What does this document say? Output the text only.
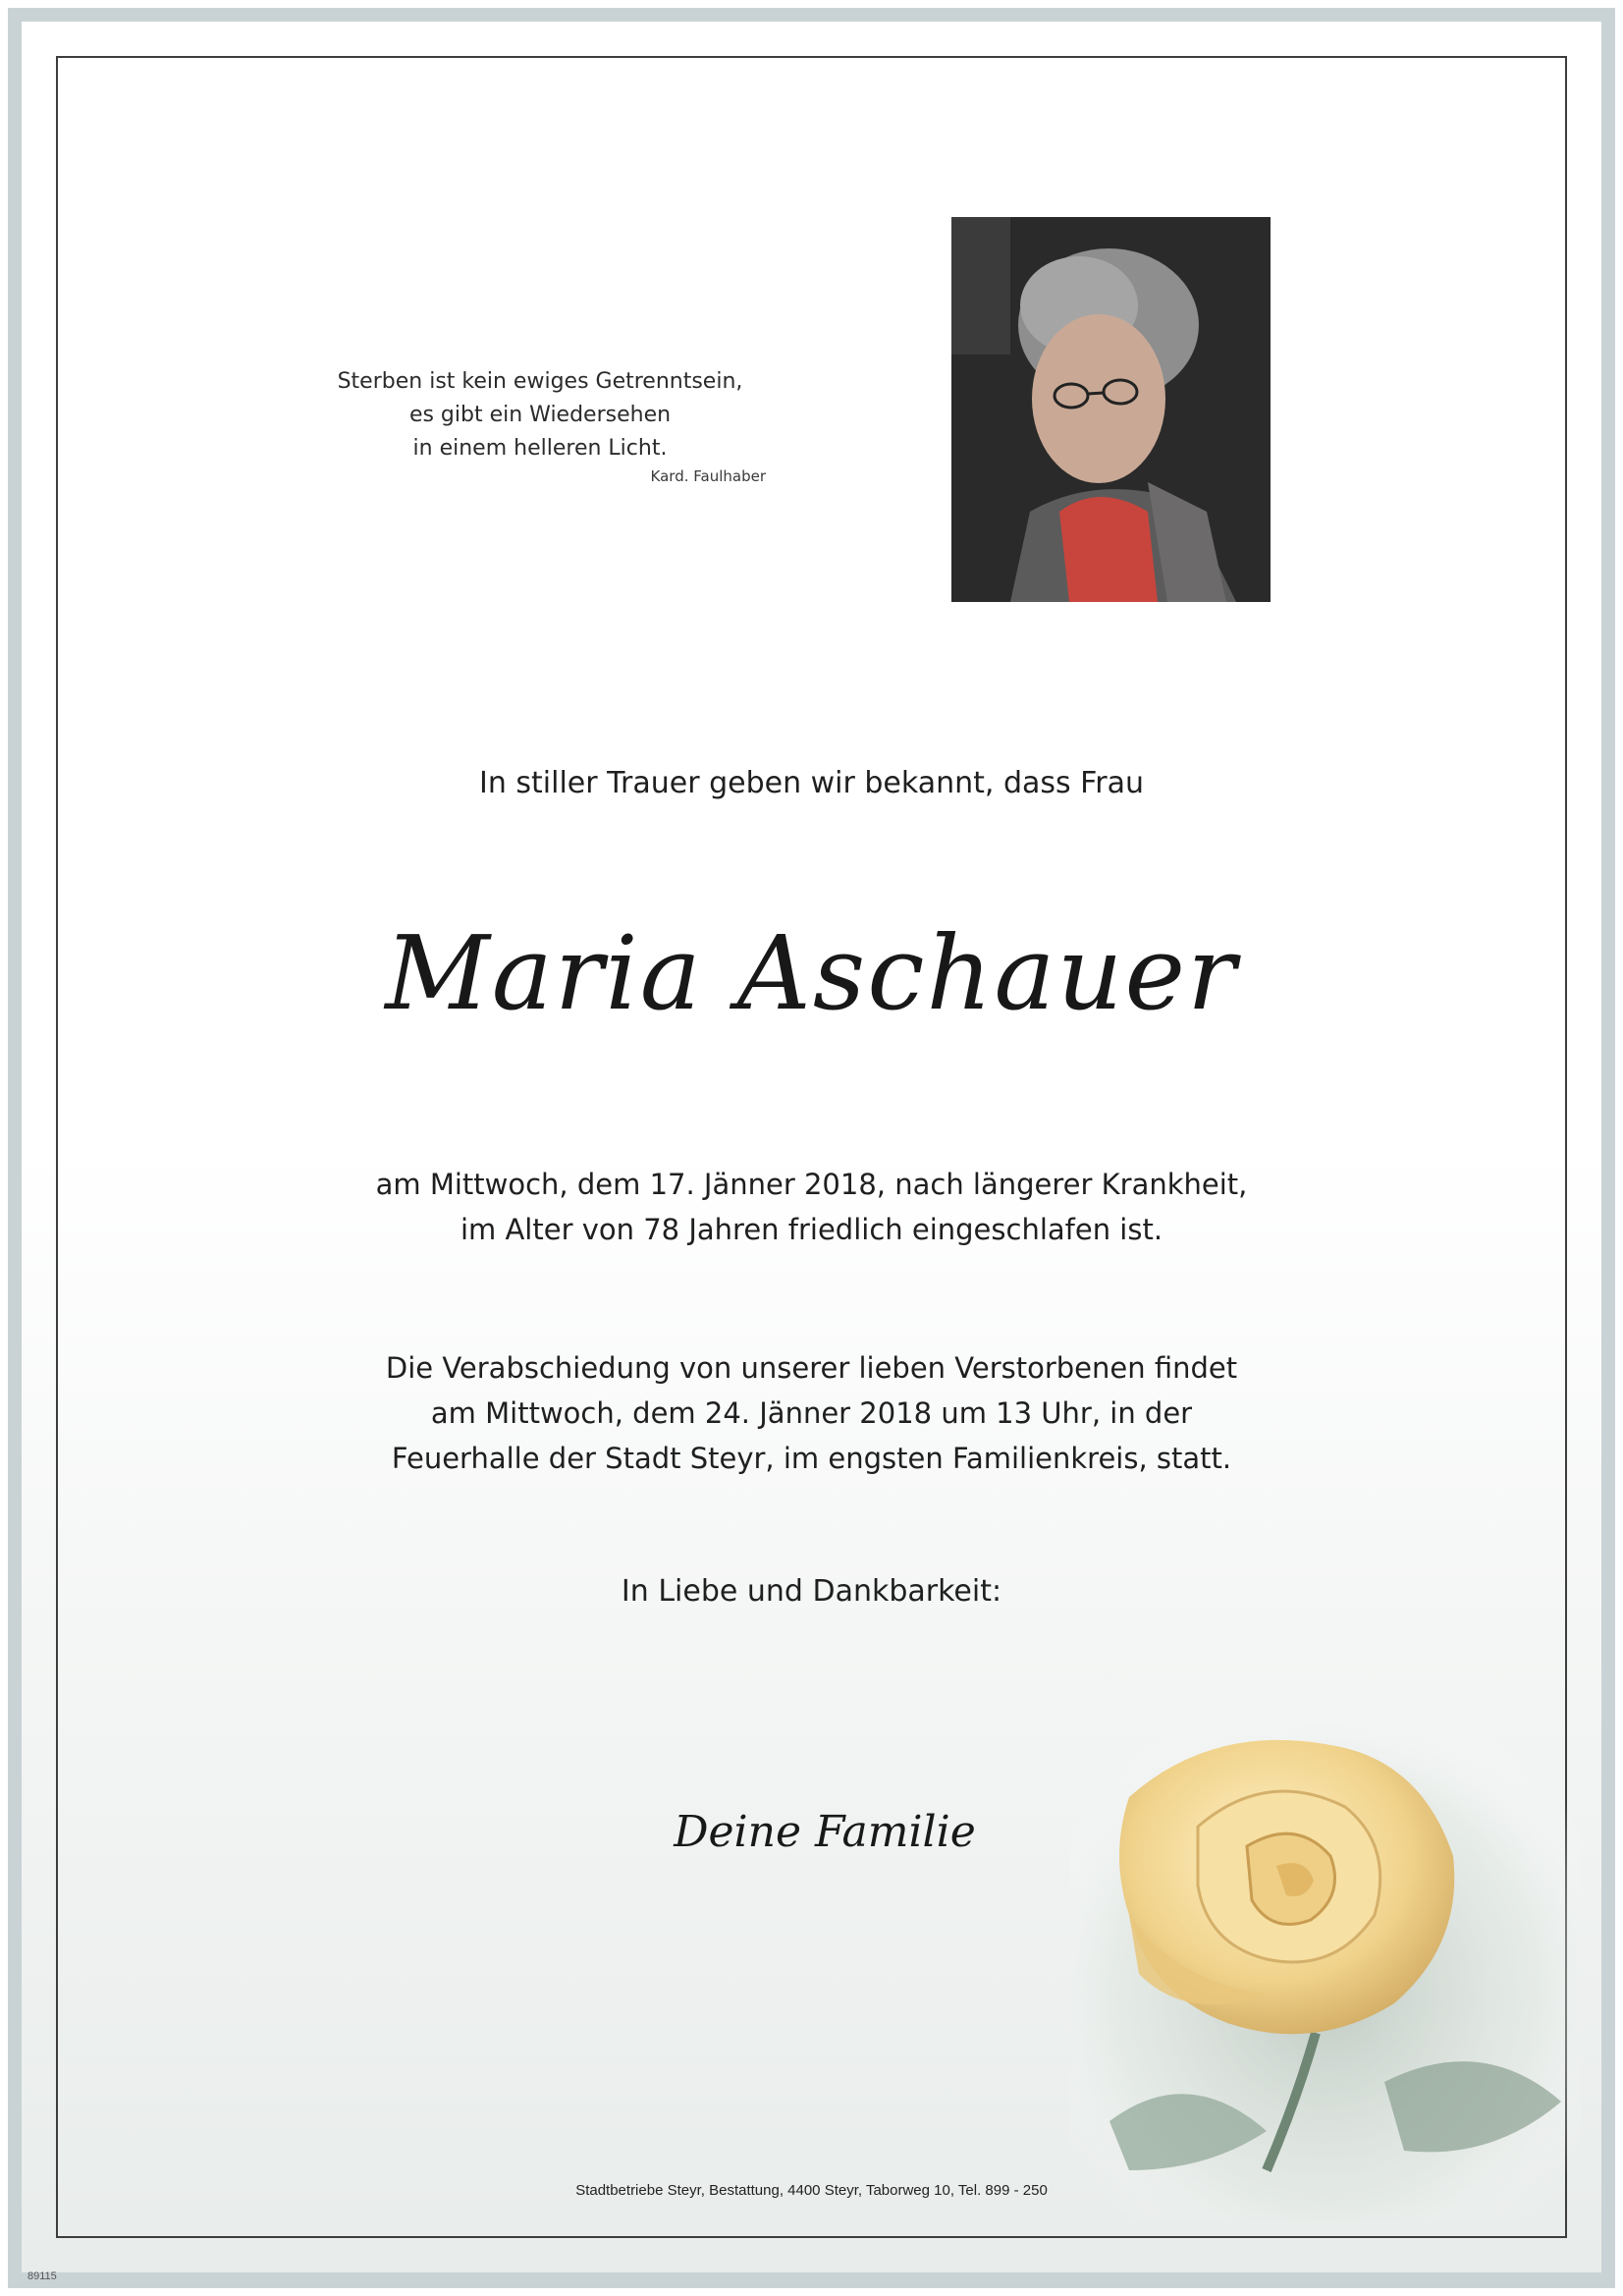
Sterben ist kein ewiges Getrenntsein,
es gibt ein Wiedersehen
in einem helleren Licht.
Kard. Faulhaber
In stiller Trauer geben wir bekannt, dass Frau
Maria Aschauer
am Mittwoch, dem 17. Jänner 2018, nach längerer Krankheit,
im Alter von 78 Jahren friedlich eingeschlafen ist.
Die Verabschiedung von unserer lieben Verstorbenen findet
am Mittwoch, dem 24. Jänner 2018 um 13 Uhr, in der
Feuerhalle der Stadt Steyr, im engsten Familienkreis, statt.
In Liebe und Dankbarkeit:
Deine Familie
Stadtbetriebe Steyr, Bestattung, 4400 Steyr, Taborweg 10, Tel. 899 - 250
89115
